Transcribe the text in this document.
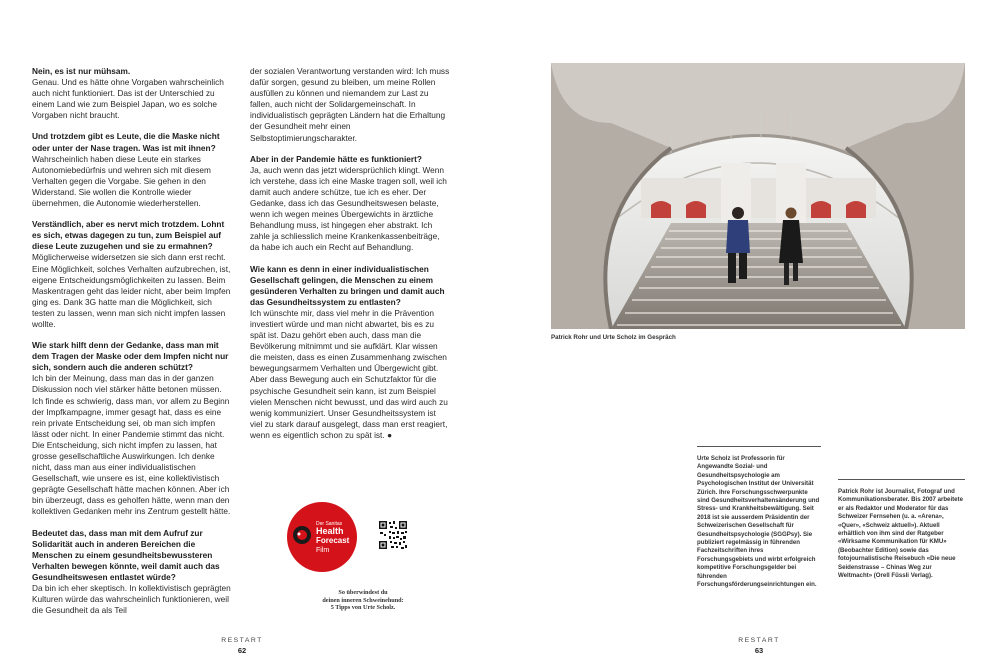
Nein, es ist nur mühsam.
Genau. Und es hätte ohne Vorgaben wahrscheinlich auch nicht funktioniert. Das ist der Unterschied zu einem Land wie zum Beispiel Japan, wo es solche Vorgaben nicht braucht.

Und trotzdem gibt es Leute, die die Maske nicht oder unter der Nase tragen. Was ist mit ihnen?
Wahrscheinlich haben diese Leute ein starkes Autonomiebedürfnis und wehren sich mit diesem Verhalten gegen die Vorgabe. Sie gehen in den Widerstand. Sie wollen die Kontrolle wieder übernehmen, die Autonomie wiederherstellen.

Verständlich, aber es nervt mich trotzdem. Lohnt es sich, etwas dagegen zu tun, zum Beispiel auf diese Leute zuzugehen und sie zu ermahnen?
Möglicherweise widersetzen sie sich dann erst recht. Eine Möglichkeit, solches Verhalten aufzubrechen, ist, eigene Entscheidungsmöglichkeiten zu lassen. Beim Maskentragen geht das leider nicht, aber beim Impfen ging es. Dank 3G hatte man die Möglichkeit, sich testen zu lassen, wenn man sich nicht impfen lassen wollte.

Wie stark hilft denn der Gedanke, dass man mit dem Tragen der Maske oder dem Impfen nicht nur sich, sondern auch die anderen schützt?
Ich bin der Meinung, dass man das in der ganzen Diskussion noch viel stärker hätte betonen müssen. Ich finde es schwierig, dass man, vor allem zu Beginn der Impfkampagne, immer gesagt hat, dass es eine rein private Entscheidung sei, ob man sich impfen lässt oder nicht. In einer Pandemie stimmt das nicht. Die Entscheidung, sich nicht impfen zu lassen, hat grosse gesellschaftliche Auswirkungen. Ich denke nicht, dass man aus einer individualistischen Gesellschaft, wie unsere es ist, eine kollektivistisch geprägte Gesellschaft hätte machen können. Aber ich bin überzeugt, dass es geholfen hätte, wenn man den kollektiven Gedanken mehr ins Zentrum gestellt hätte.

Bedeutet das, dass man mit dem Aufruf zur Solidarität auch in anderen Bereichen die Menschen zu einem gesundheitsbewussteren Verhalten bewegen könnte, weil damit auch das Gesundheitswesen entlastet würde?
Da bin ich eher skeptisch. In kollektivistisch geprägten Kulturen würde das wahrscheinlich funktionieren, weil die Gesundheit da als Teil

der sozialen Verantwortung verstanden wird: Ich muss dafür sorgen, gesund zu bleiben, um meine Rollen ausfüllen zu können und niemandem zur Last zu fallen, auch nicht der Solidargemeinschaft. In individualistisch geprägten Ländern hat die Erhaltung der Gesundheit mehr einen Selbstoptimierungscharakter.

Aber in der Pandemie hätte es funktioniert?
Ja, auch wenn das jetzt widersprüchlich klingt. Wenn ich verstehe, dass ich eine Maske tragen soll, weil ich damit auch andere schütze, tue ich es eher. Der Gedanke, dass ich das Gesundheitswesen belaste, wenn ich wegen meines Übergewichts in ärztliche Behandlung muss, ist hingegen eher abstrakt. Ich zahle ja schliesslich meine Krankenkassenbeiträge, da habe ich auch ein Recht auf Behandlung.

Wie kann es denn in einer individualistischen Gesellschaft gelingen, die Menschen zu einem gesünderen Verhalten zu bringen und damit auch das Gesundheitssystem zu entlasten?
Ich wünschte mir, dass viel mehr in die Prävention investiert würde und man nicht abwartet, bis es zu spät ist. Dazu gehört eben auch, dass man die Bevölkerung mitnimmt und sie aufklärt. Klar wissen die meisten, dass es einen Zusammenhang zwischen bewegungsarmem Verhalten und Übergewicht gibt. Aber dass Bewegung auch ein Schutzfaktor für die psychische Gesundheit sein kann, ist zum Beispiel vielen Menschen nicht bewusst, und das wird auch zu wenig kommuniziert. Unser Gesundheitssystem ist viel zu stark darauf ausgelegt, dass man erst reagiert, wenn es eigentlich schon zu spät ist. ●

Der Sanitas
Health
Forecast
Film
So überwindest du
deinen inneren Schweinehund:
5 Tipps von Urte Scholz.
Patrick Rohr und Urte Scholz im Gespräch
Urte Scholz ist Professorin für Angewandte Sozial- und Gesundheitspsychologie am Psychologischen Institut der Universität Zürich. Ihre Forschungsschwerpunkte sind Gesundheitsverhaltensänderung und Stress- und Krankheitsbewältigung. Seit 2018 ist sie ausserdem Präsidentin der Schweizerischen Gesellschaft für Gesundheitspsychologie (SGGPsy). Sie publiziert regelmässig in führenden Fachzeitschriften ihres Forschungsgebiets und wirbt erfolgreich kompetitive Forschungsgelder bei führenden Forschungsförderungseinrichtungen ein.
Patrick Rohr ist Journalist, Fotograf und Kommunikationsberater. Bis 2007 arbeitete er als Redaktor und Moderator für das Schweizer Fernsehen (u. a. «Arena», «Quer», «Schweiz aktuell»). Aktuell erhältlich von ihm sind der Ratgeber «Wirksame Kommunikation für KMU» (Beobachter Edition) sowie das fotojournalistische Reisebuch «Die neue Seidenstrasse – Chinas Weg zur Weltmacht» (Orell Füssli Verlag).
RESTART
62
RESTART
63
